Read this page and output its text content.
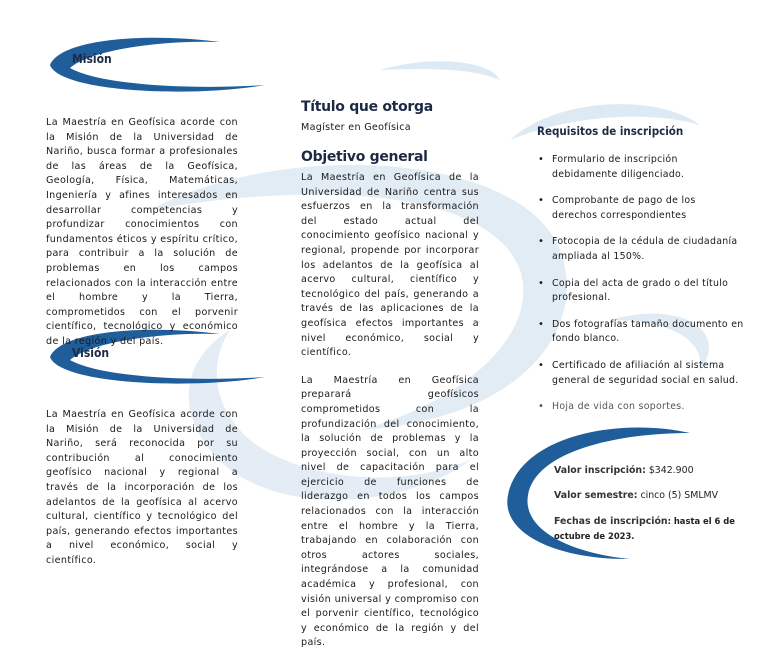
Misión
Visión

La Maestría en Geofísica acorde con la Misión de la Universidad de Nariño, busca formar a profesionales de las áreas de la Geofísica, Geología, Física, Matemáticas, Ingeniería y afines interesados en desarrollar competencias y profundizar conocimientos con fundamentos éticos y espíritu crítico, para contribuir a la solución de problemas en los campos relacionados con la interacción entre el hombre y la Tierra, comprometidos con el porvenir científico, tecnológico y económico de la región y del país.

La Maestría en Geofísica acorde con la Misión de la Universidad de Nariño, será reconocida por su contribución al conocimiento geofísico nacional y regional a través de la incorporación de los adelantos de la geofísica al acervo cultural, científico y tecnológico del país, generando efectos importantes a nivel económico, social y científico.

Título que otorga
Magíster en Geofísica
Objetivo general

La Maestría en Geofísica de la Universidad de Nariño centra sus esfuerzos en la transformación del estado actual del conocimiento geofísico nacional y regional, propende por incorporar los adelantos de la geofísica al acervo cultural, científico y tecnológico del país, generando a través de las aplicaciones de la geofísica efectos importantes a nivel económico, social y científico.

La Maestría en Geofísica preparará geofísicos comprometidos con la profundización del conocimiento, la solución de problemas y la proyección social, con un alto nivel de capacitación para el ejercicio de funciones de liderazgo en todos los campos relacionados con la interacción entre el hombre y la Tierra, trabajando en colaboración con otros actores sociales, integrándose a la comunidad académica y profesional, con visión universal y compromiso con el porvenir científico, tecnológico y económico de la región y del país.

Requisitos de inscripción
• Formulario de inscripción debidamente diligenciado.
• Comprobante de pago de los derechos correspondientes
• Fotocopia de la cédula de ciudadanía ampliada al 150%.
• Copia del acta de grado o del título profesional.
• Dos fotografías tamaño documento en fondo blanco.
• Certificado de afiliación al sistema general de seguridad social en salud.
• Hoja de vida con soportes.

Valor inscripción: $342.900

Valor semestre: cinco (5) SMLMV

Fechas de inscripción: hasta el 6 de octubre de 2023.
